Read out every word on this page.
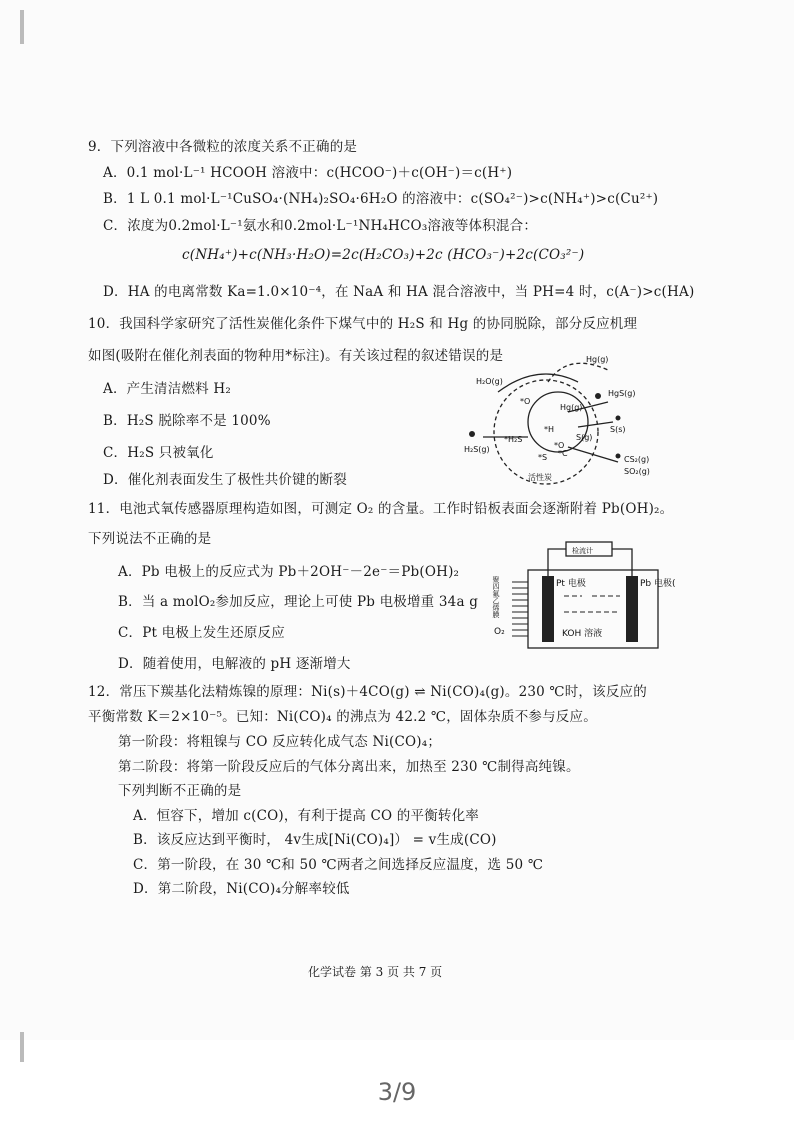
9．下列溶液中各微粒的浓度关系不正确的是
A．0.1 mol·L⁻¹ HCOOH 溶液中：c(HCOO⁻)＋c(OH⁻)＝c(H⁺)
B．1 L 0.1 mol·L⁻¹CuSO₄·(NH₄)₂SO₄·6H₂O 的溶液中：c(SO₄²⁻)>c(NH₄⁺)>c(Cu²⁺)
C．浓度为0.2mol·L⁻¹氨水和0.2mol·L⁻¹NH₄HCO₃溶液等体积混合：
c(NH₄⁺)+c(NH₃·H₂O)=2c(H₂CO₃)+2c (HCO₃⁻)+2c(CO₃²⁻)
D．HA 的电离常数 Ka=1.0×10⁻⁴，在 NaA 和 HA 混合溶液中，当 PH=4 时，c(A⁻)>c(HA)
10．我国科学家研究了活性炭催化条件下煤气中的 H₂S 和 Hg 的协同脱除，部分反应机理
如图(吸附在催化剂表面的物种用*标注)。有关该过程的叙述错误的是
A．产生清洁燃料 H₂
B．H₂S 脱除率不是 100%
C．H₂S 只被氧化
D．催化剂表面发生了极性共价键的断裂
H₂O(g)
Hg(g)
HgS(g)
Hg(g)
S(s)
S(g)
H₂S(g)
CS₂(g)
SO₂(g)
活性炭
*O
*O
*C
*S
*H
*H₂S
11．电池式氧传感器原理构造如图，可测定 O₂ 的含量。工作时铅板表面会逐渐附着 Pb(OH)₂。
下列说法不正确的是
A．Pb 电极上的反应式为 Pb＋2OH⁻－2e⁻＝Pb(OH)₂
B．当 a molO₂参加反应，理论上可使 Pb 电极增重 34a g
C．Pt 电极上发生还原反应
D．随着使用，电解液的 pH 逐渐增大
检流计
Pt 电极	Pb 电极(
KOH 溶液
O₂
聚四氟乙烯膜
12．常压下羰基化法精炼镍的原理：Ni(s)＋4CO(g) ⇌ Ni(CO)₄(g)。230 ℃时，该反应的
平衡常数 K＝2×10⁻⁵。已知：Ni(CO)₄ 的沸点为 42.2 ℃，固体杂质不参与反应。
第一阶段：将粗镍与 CO 反应转化成气态 Ni(CO)₄；
第二阶段：将第一阶段反应后的气体分离出来，加热至 230 ℃制得高纯镍。
下列判断不正确的是
A．恒容下，增加 c(CO)，有利于提高 CO 的平衡转化率
B．该反应达到平衡时， 4v生成[Ni(CO)₄]） = v生成(CO)
C．第一阶段，在 30 ℃和 50 ℃两者之间选择反应温度，选 50 ℃
D．第二阶段，Ni(CO)₄分解率较低
化学试卷 第 3 页 共 7 页
3/9
